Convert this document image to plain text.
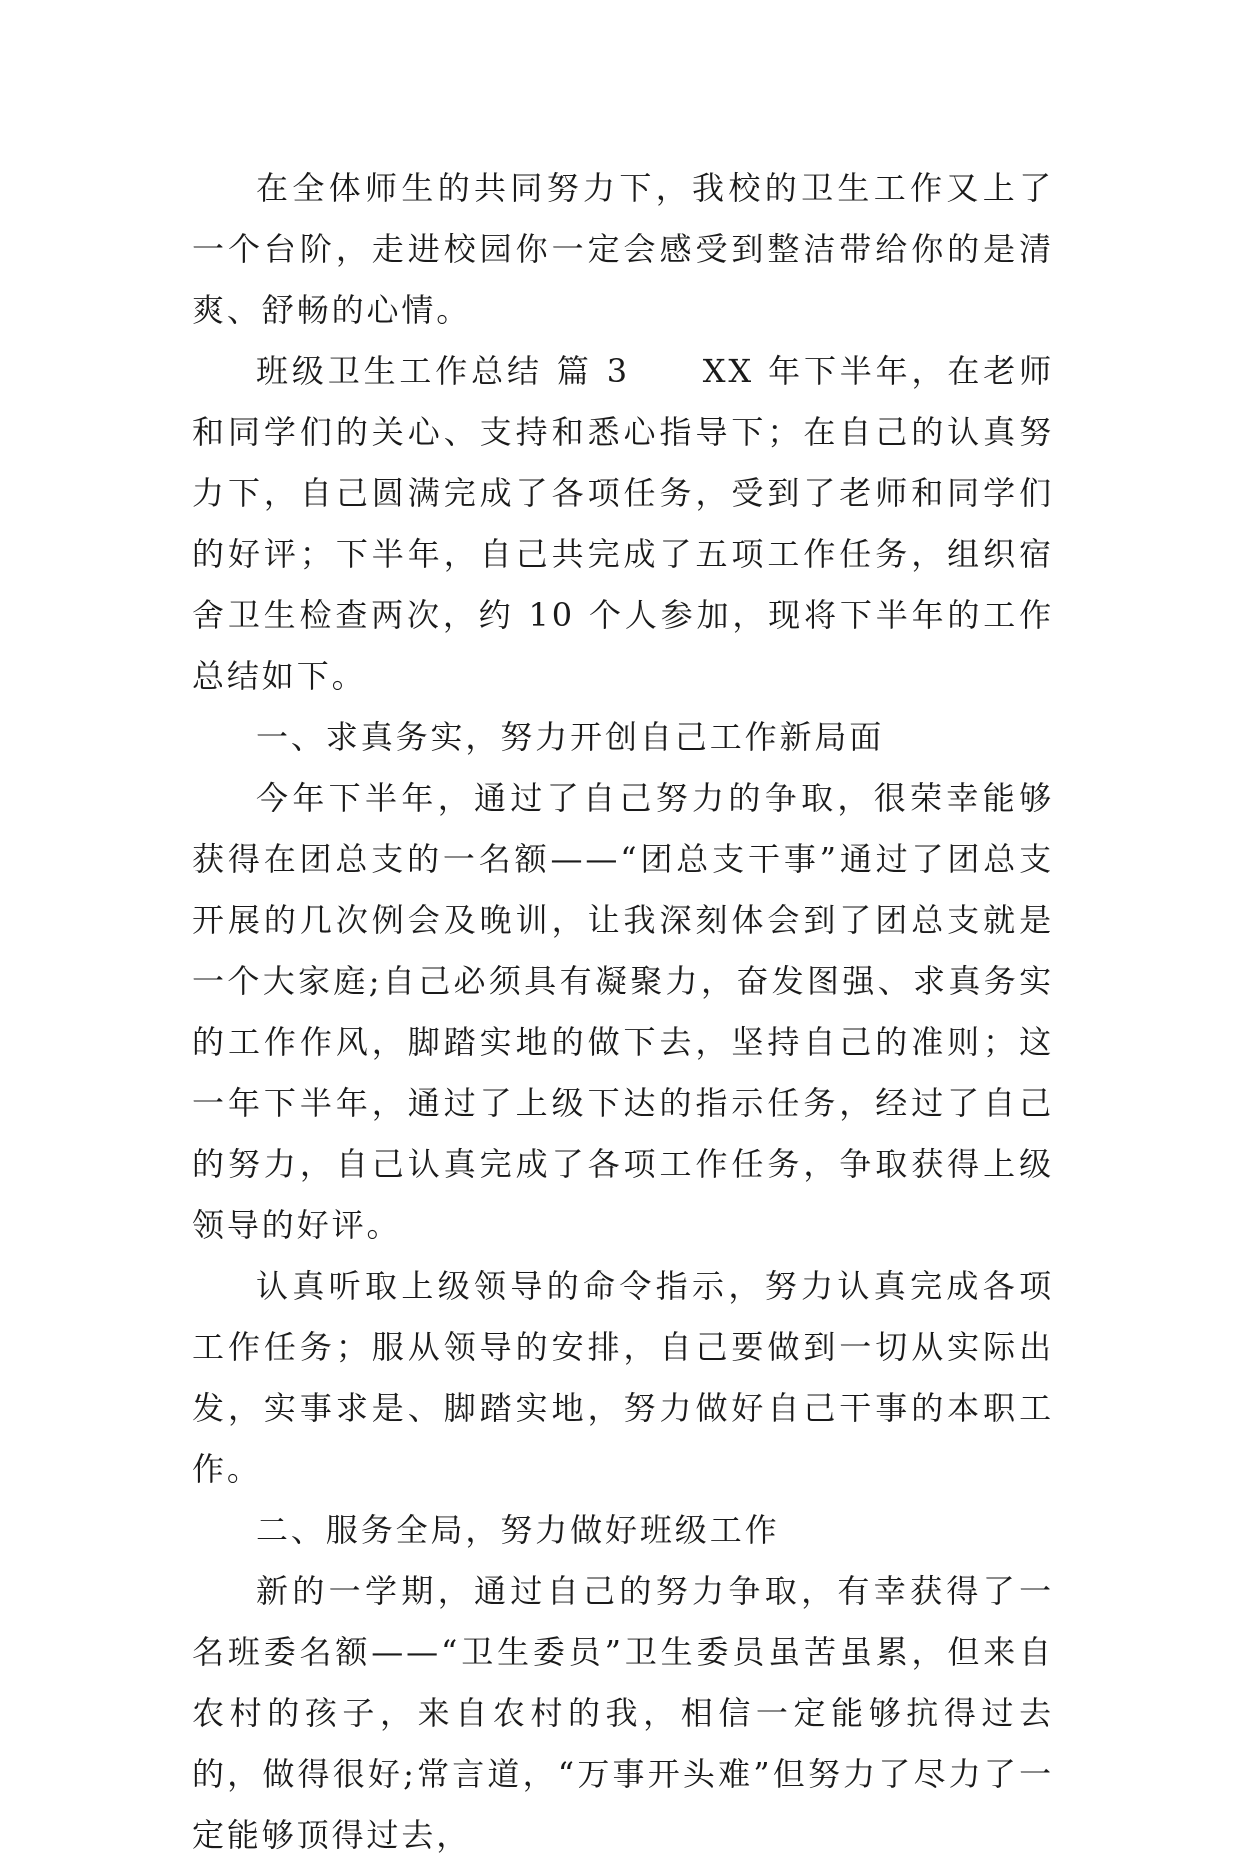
在全体师生的共同努力下，我校的卫生工作又上了一个台阶，走进校园你一定会感受到整洁带给你的是清爽、舒畅的心情。

班级卫生工作总结 篇 3　　XX 年下半年，在老师和同学们的关心、支持和悉心指导下；在自己的认真努力下，自己圆满完成了各项任务，受到了老师和同学们的好评；下半年，自己共完成了五项工作任务，组织宿舍卫生检查两次，约 10 个人参加，现将下半年的工作总结如下。

一、求真务实，努力开创自己工作新局面

今年下半年，通过了自己努力的争取，很荣幸能够获得在团总支的一名额——“团总支干事”通过了团总支开展的几次例会及晚训，让我深刻体会到了团总支就是一个大家庭;自己必须具有凝聚力，奋发图强、求真务实的工作作风，脚踏实地的做下去，坚持自己的准则；这一年下半年，通过了上级下达的指示任务，经过了自己的努力，自己认真完成了各项工作任务，争取获得上级领导的好评。

认真听取上级领导的命令指示，努力认真完成各项工作任务；服从领导的安排，自己要做到一切从实际出发，实事求是、脚踏实地，努力做好自己干事的本职工作。

二、服务全局，努力做好班级工作

新的一学期，通过自己的努力争取，有幸获得了一名班委名额——“卫生委员”卫生委员虽苦虽累，但来自农村的孩子，来自农村的我，相信一定能够抗得过去的，做得很好;常言道，“万事开头难”但努力了尽力了一定能够顶得过去，
